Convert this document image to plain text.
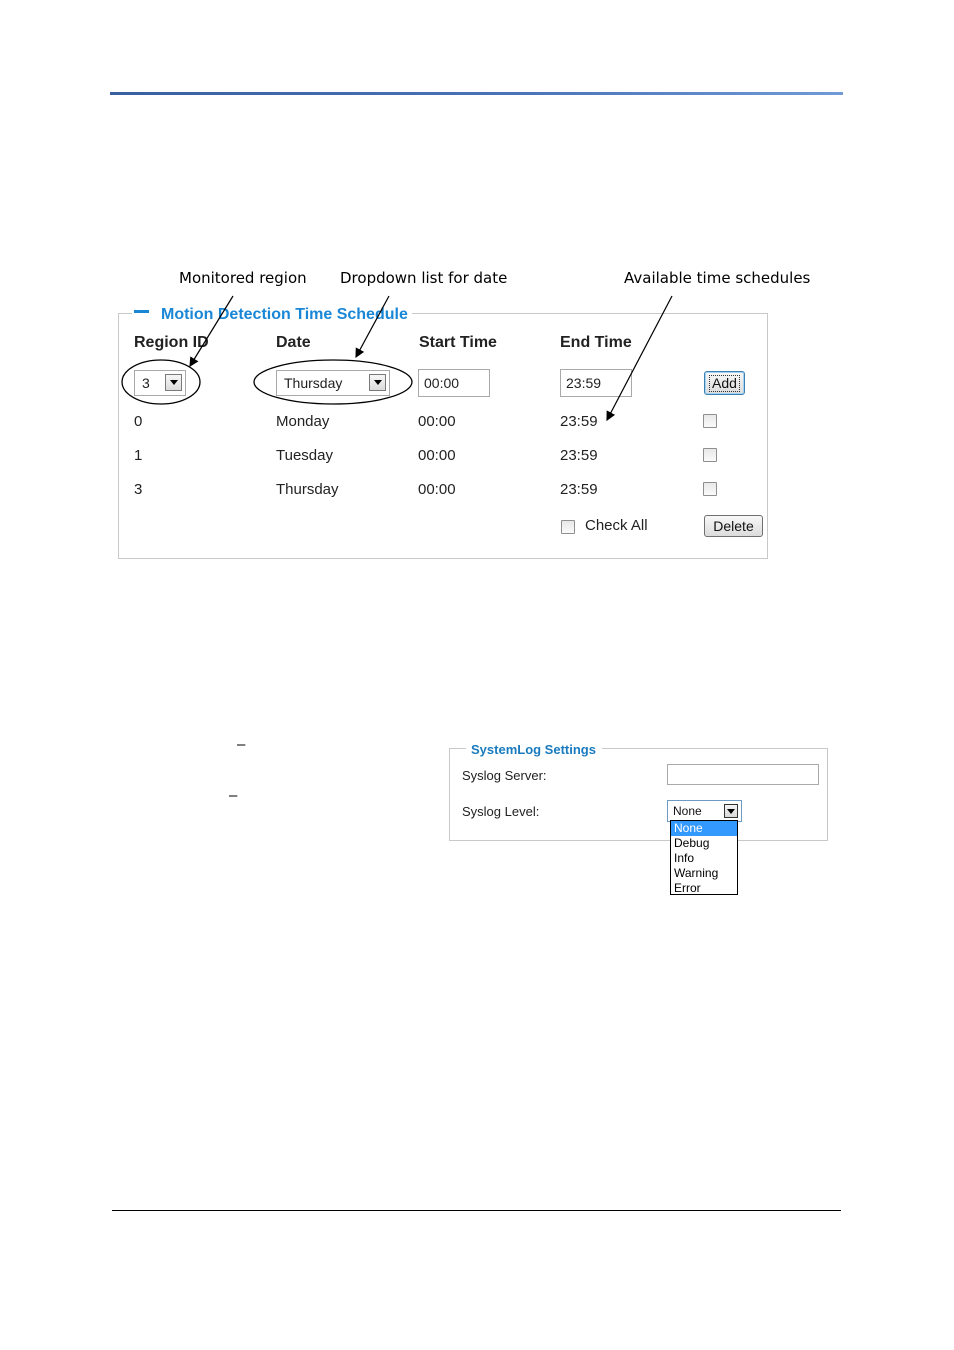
Monitored region Dropdown list for date	Available time schedules
Motion Detection Time Schedule
Region ID	Date	Start Time	End Time
3	Thursday	00:00	23:59	Add
0	Monday	00:00	23:59
1	Tuesday	00:00	23:59
3	Thursday	00:00	23:59
Check All	Delete
–
–
SystemLog Settings
Syslog Server:
Syslog Level:	None
None
Debug
Info
Warning
Error
